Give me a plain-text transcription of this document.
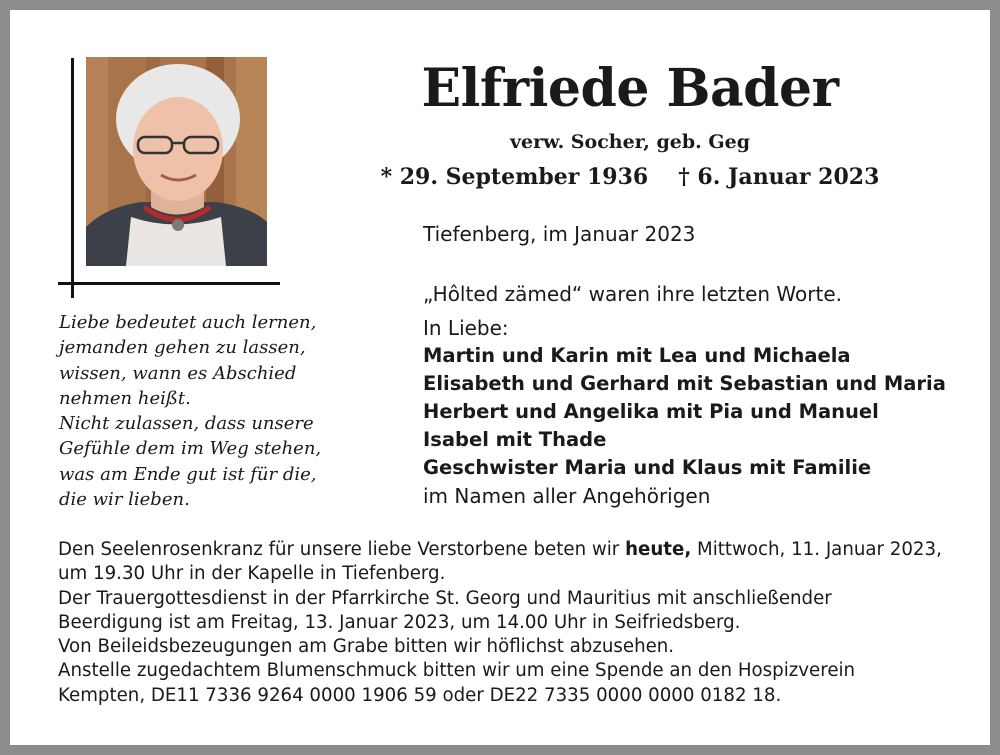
Elfriede Bader
verw. Socher, geb. Geg
* 29. September 1936 † 6. Januar 2023
Tiefenberg, im Januar 2023
„Hôlted zämed“ waren ihre letzten Worte.
In Liebe:
Martin und Karin mit Lea und Michaela
Elisabeth und Gerhard mit Sebastian und Maria
Herbert und Angelika mit Pia und Manuel
Isabel mit Thade
Geschwister Maria und Klaus mit Familie
im Namen aller Angehörigen
Liebe bedeutet auch lernen,
jemanden gehen zu lassen,
wissen, wann es Abschied
nehmen heißt.
Nicht zulassen, dass unsere
Gefühle dem im Weg stehen,
was am Ende gut ist für die,
die wir lieben.

Den Seelenrosenkranz für unsere liebe Verstorbene beten wir heute, Mittwoch, 11. Januar 2023,

um 19.30 Uhr in der Kapelle in Tiefenberg.

Der Trauergottesdienst in der Pfarrkirche St. Georg und Mauritius mit anschließender

Beerdigung ist am Freitag, 13. Januar 2023, um 14.00 Uhr in Seifriedsberg.

Von Beileidsbezeugungen am Grabe bitten wir höflichst abzusehen.

Anstelle zugedachtem Blumenschmuck bitten wir um eine Spende an den Hospizverein

Kempten, DE11 7336 9264 0000 1906 59 oder DE22 7335 0000 0000 0182 18.
